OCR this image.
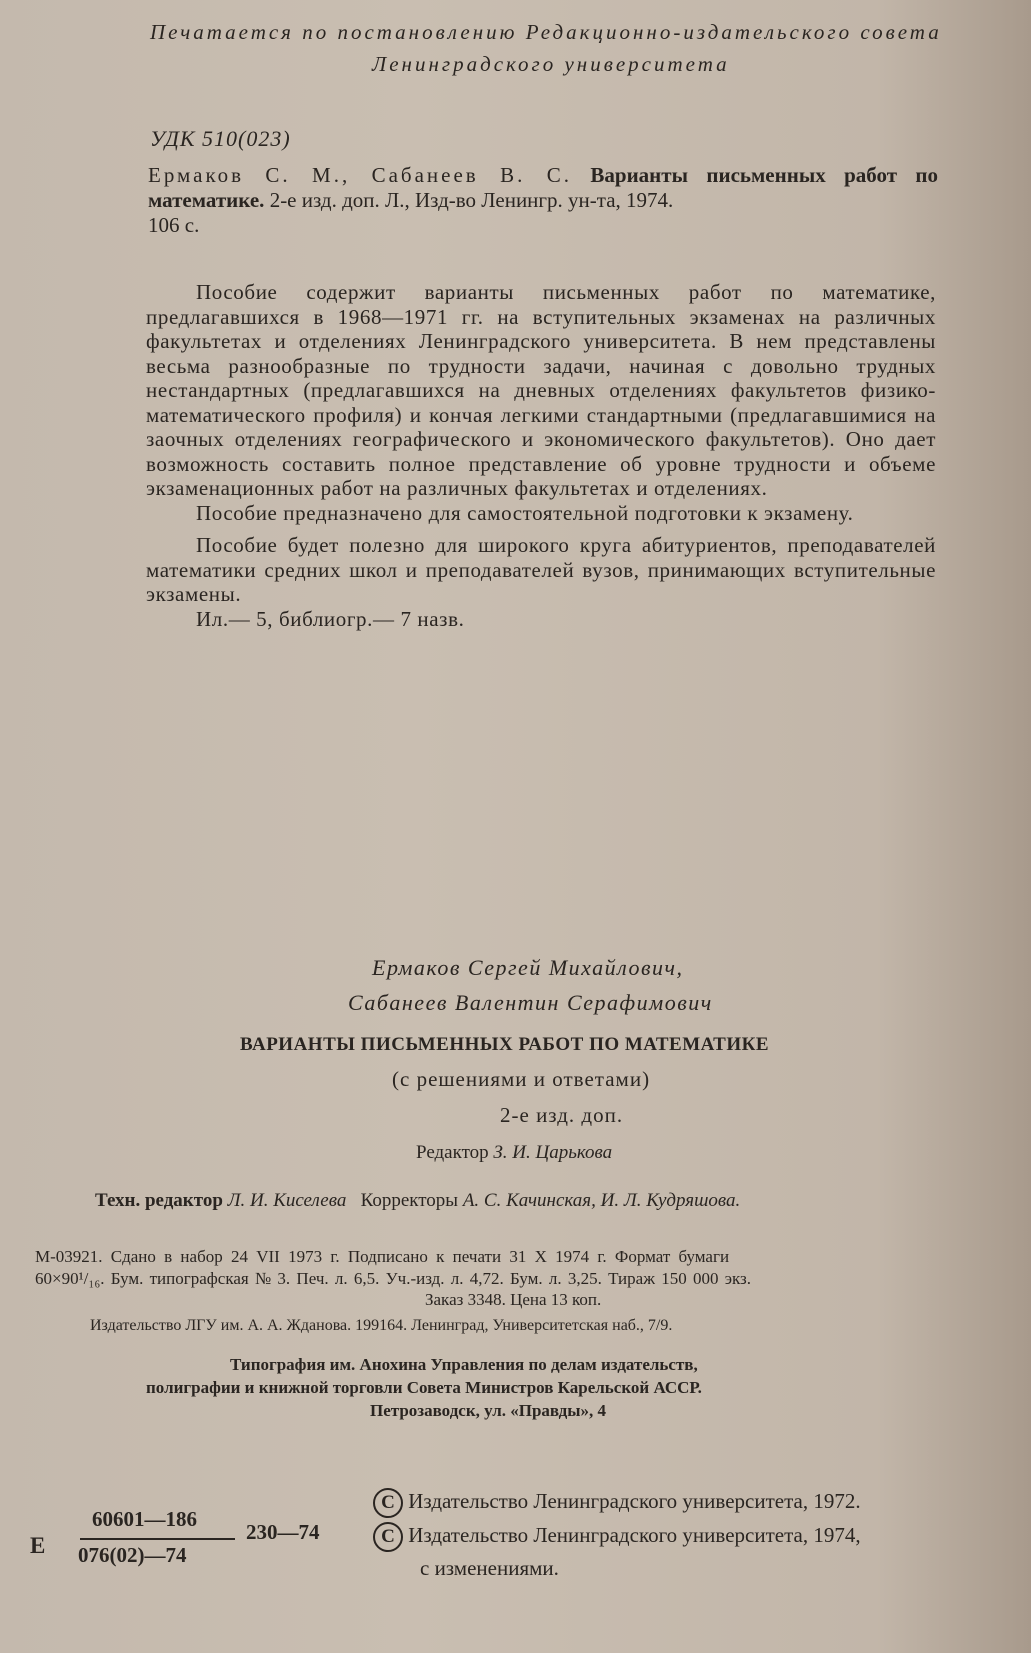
Печатается по постановлению Редакционно-издательского совета
Ленинградского университета
УДК 510(023)
Ермаков С. М., Сабанеев В. С. Варианты письменных работ по математике. 2-е изд. доп. Л., Изд-во Ленингр. ун-та, 1974.
106 с.
Пособие содержит варианты письменных работ по математике, предлагавшихся в 1968—1971 гг. на вступительных экзаменах на различных факультетах и отделениях Ленинградского университета. В нем представлены весьма разнообразные по трудности задачи, начиная с довольно трудных нестандартных (предлагавшихся на дневных отделениях факультетов физико-математического профиля) и кончая легкими стандартными (предлагавшимися на заочных отделениях географического и экономического факультетов). Оно дает возможность составить полное представление об уровне трудности и объеме экзаменационных работ на различных факультетах и отделениях.
Пособие предназначено для самостоятельной подготовки к экзамену.
Пособие будет полезно для широкого круга абитуриентов, преподавателей математики средних школ и преподавателей вузов, принимающих вступительные экзамены.
Ил.— 5, библиогр.— 7 назв.
Ермаков Сергей Михайлович,
Сабанеев Валентин Серафимович
ВАРИАНТЫ ПИСЬМЕННЫХ РАБОТ ПО МАТЕМАТИКЕ
(с решениями и ответами)
2-е изд. доп.
Редактор З. И. Царькова
Техн. редактор Л. И. Киселева Корректоры А. С. Качинская, И. Л. Кудряшова.
М-03921. Сдано в набор 24 VII 1973 г. Подписано к печати 31 X 1974 г. Формат бумаги
60×90¹/₁₆. Бум. типографская № 3. Печ. л. 6,5. Уч.-изд. л. 4,72. Бум. л. 3,25. Тираж 150 000 экз.
Заказ 3348. Цена 13 коп.
Издательство ЛГУ им. А. А. Жданова. 199164. Ленинград, Университетская наб., 7/9.
Типография им. Анохина Управления по делам издательств,
полиграфии и книжной торговли Совета Министров Карельской АССР.
Петрозаводск, ул. «Правды», 4
Е
60601—186
076(02)—74
230—74
С Издательство Ленинградского университета, 1972.
С Издательство Ленинградского университета, 1974,
с изменениями.
